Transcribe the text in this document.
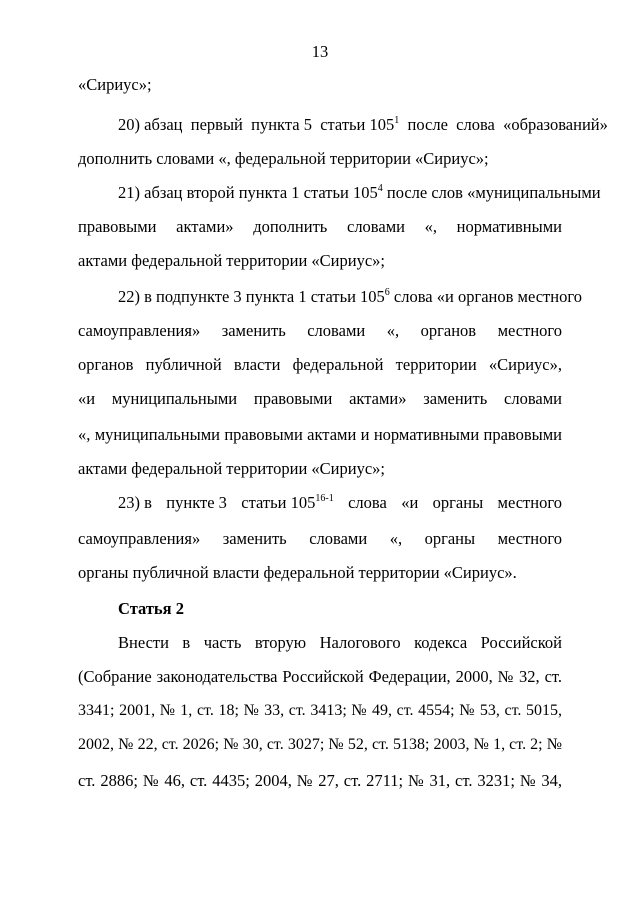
13
«Сириус»;
20) абзац  первый  пункта 5  статьи $105^1$  после  слова  «образований»
дополнить словами «, федеральной территории «Сириус»;
21) абзац второй пункта 1 статьи $105^4$ после слов «муниципальными
правовыми актами» дополнить словами «, нормативными
актами федеральной территории «Сириус»;
22) в подпункте 3 пункта 1 статьи $105^6$ слова «и органов местного
самоуправления» заменить словами «, органов местного
органов публичной власти федеральной территории «Сириус»,
«и муниципальными правовыми актами» заменить словами
«, муниципальными правовыми актами и нормативными правовыми
актами федеральной территории «Сириус»;
23) в пункте 3 статьи 105$^{16-1}$ слова «и органы местного
самоуправления» заменить словами «, органы местного
органы публичной власти федеральной территории «Сириус».
Статья 2
Внести в часть вторую Налогового кодекса Российской
(Собрание законодательства Российской Федерации, 2000, № 32, ст.
3341; 2001, № 1, ст. 18; № 33, ст. 3413; № 49, ст. 4554; № 53, ст. 5015,
2002, № 22, ст. 2026; № 30, ст. 3027; № 52, ст. 5138; 2003, № 1, ст. 2; №
ст. 2886; № 46, ст. 4435; 2004, № 27, ст. 2711; № 31, ст. 3231; № 34,
